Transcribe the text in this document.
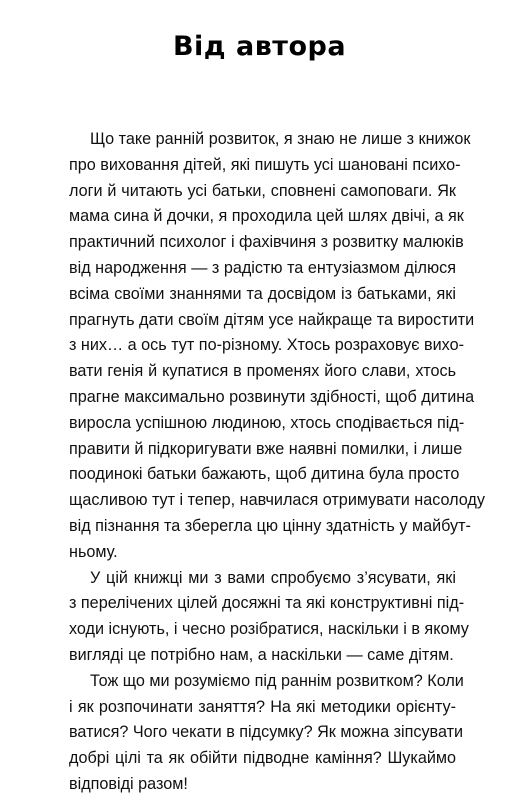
Від автора
Що таке ранній розвиток, я знаю не лише з книжок
про виховання дітей, які пишуть усі шановані психо-
логи й читають усі батьки, сповнені самоповаги. Як
мама сина й дочки, я проходила цей шлях двічі, а як
практичний психолог і фахівчиня з розвитку малюків
від народження — з радістю та ентузіазмом ділюся
всіма своїми знаннями та досвідом із батьками, які
прагнуть дати своїм дітям усе найкраще та виростити
з них… а ось тут по-різному. Хтось розраховує вихо-
вати генія й купатися в променях його слави, хтось
прагне максимально розвинути здібності, щоб дитина
виросла успішною людиною, хтось сподівається під-
правити й підкоригувати вже наявні помилки, і лише
поодинокі батьки бажають, щоб дитина була просто
щасливою тут і тепер, навчилася отримувати насолоду
від пізнання та зберегла цю цінну здатність у майбут-
ньому.
У цій книжці ми з вами спробуємо з’ясувати, які
з перелічених цілей досяжні та які конструктивні під-
ходи існують, і чесно розібратися, наскільки і в якому
вигляді це потрібно нам, а наскільки — саме дітям.
Тож що ми розуміємо під раннім розвитком? Коли
і як розпочинати заняття? На які методики орієнту-
ватися? Чого чекати в підсумку? Як можна зіпсувати
добрі цілі та як обійти підводне каміння? Шукаймо
відповіді разом!
